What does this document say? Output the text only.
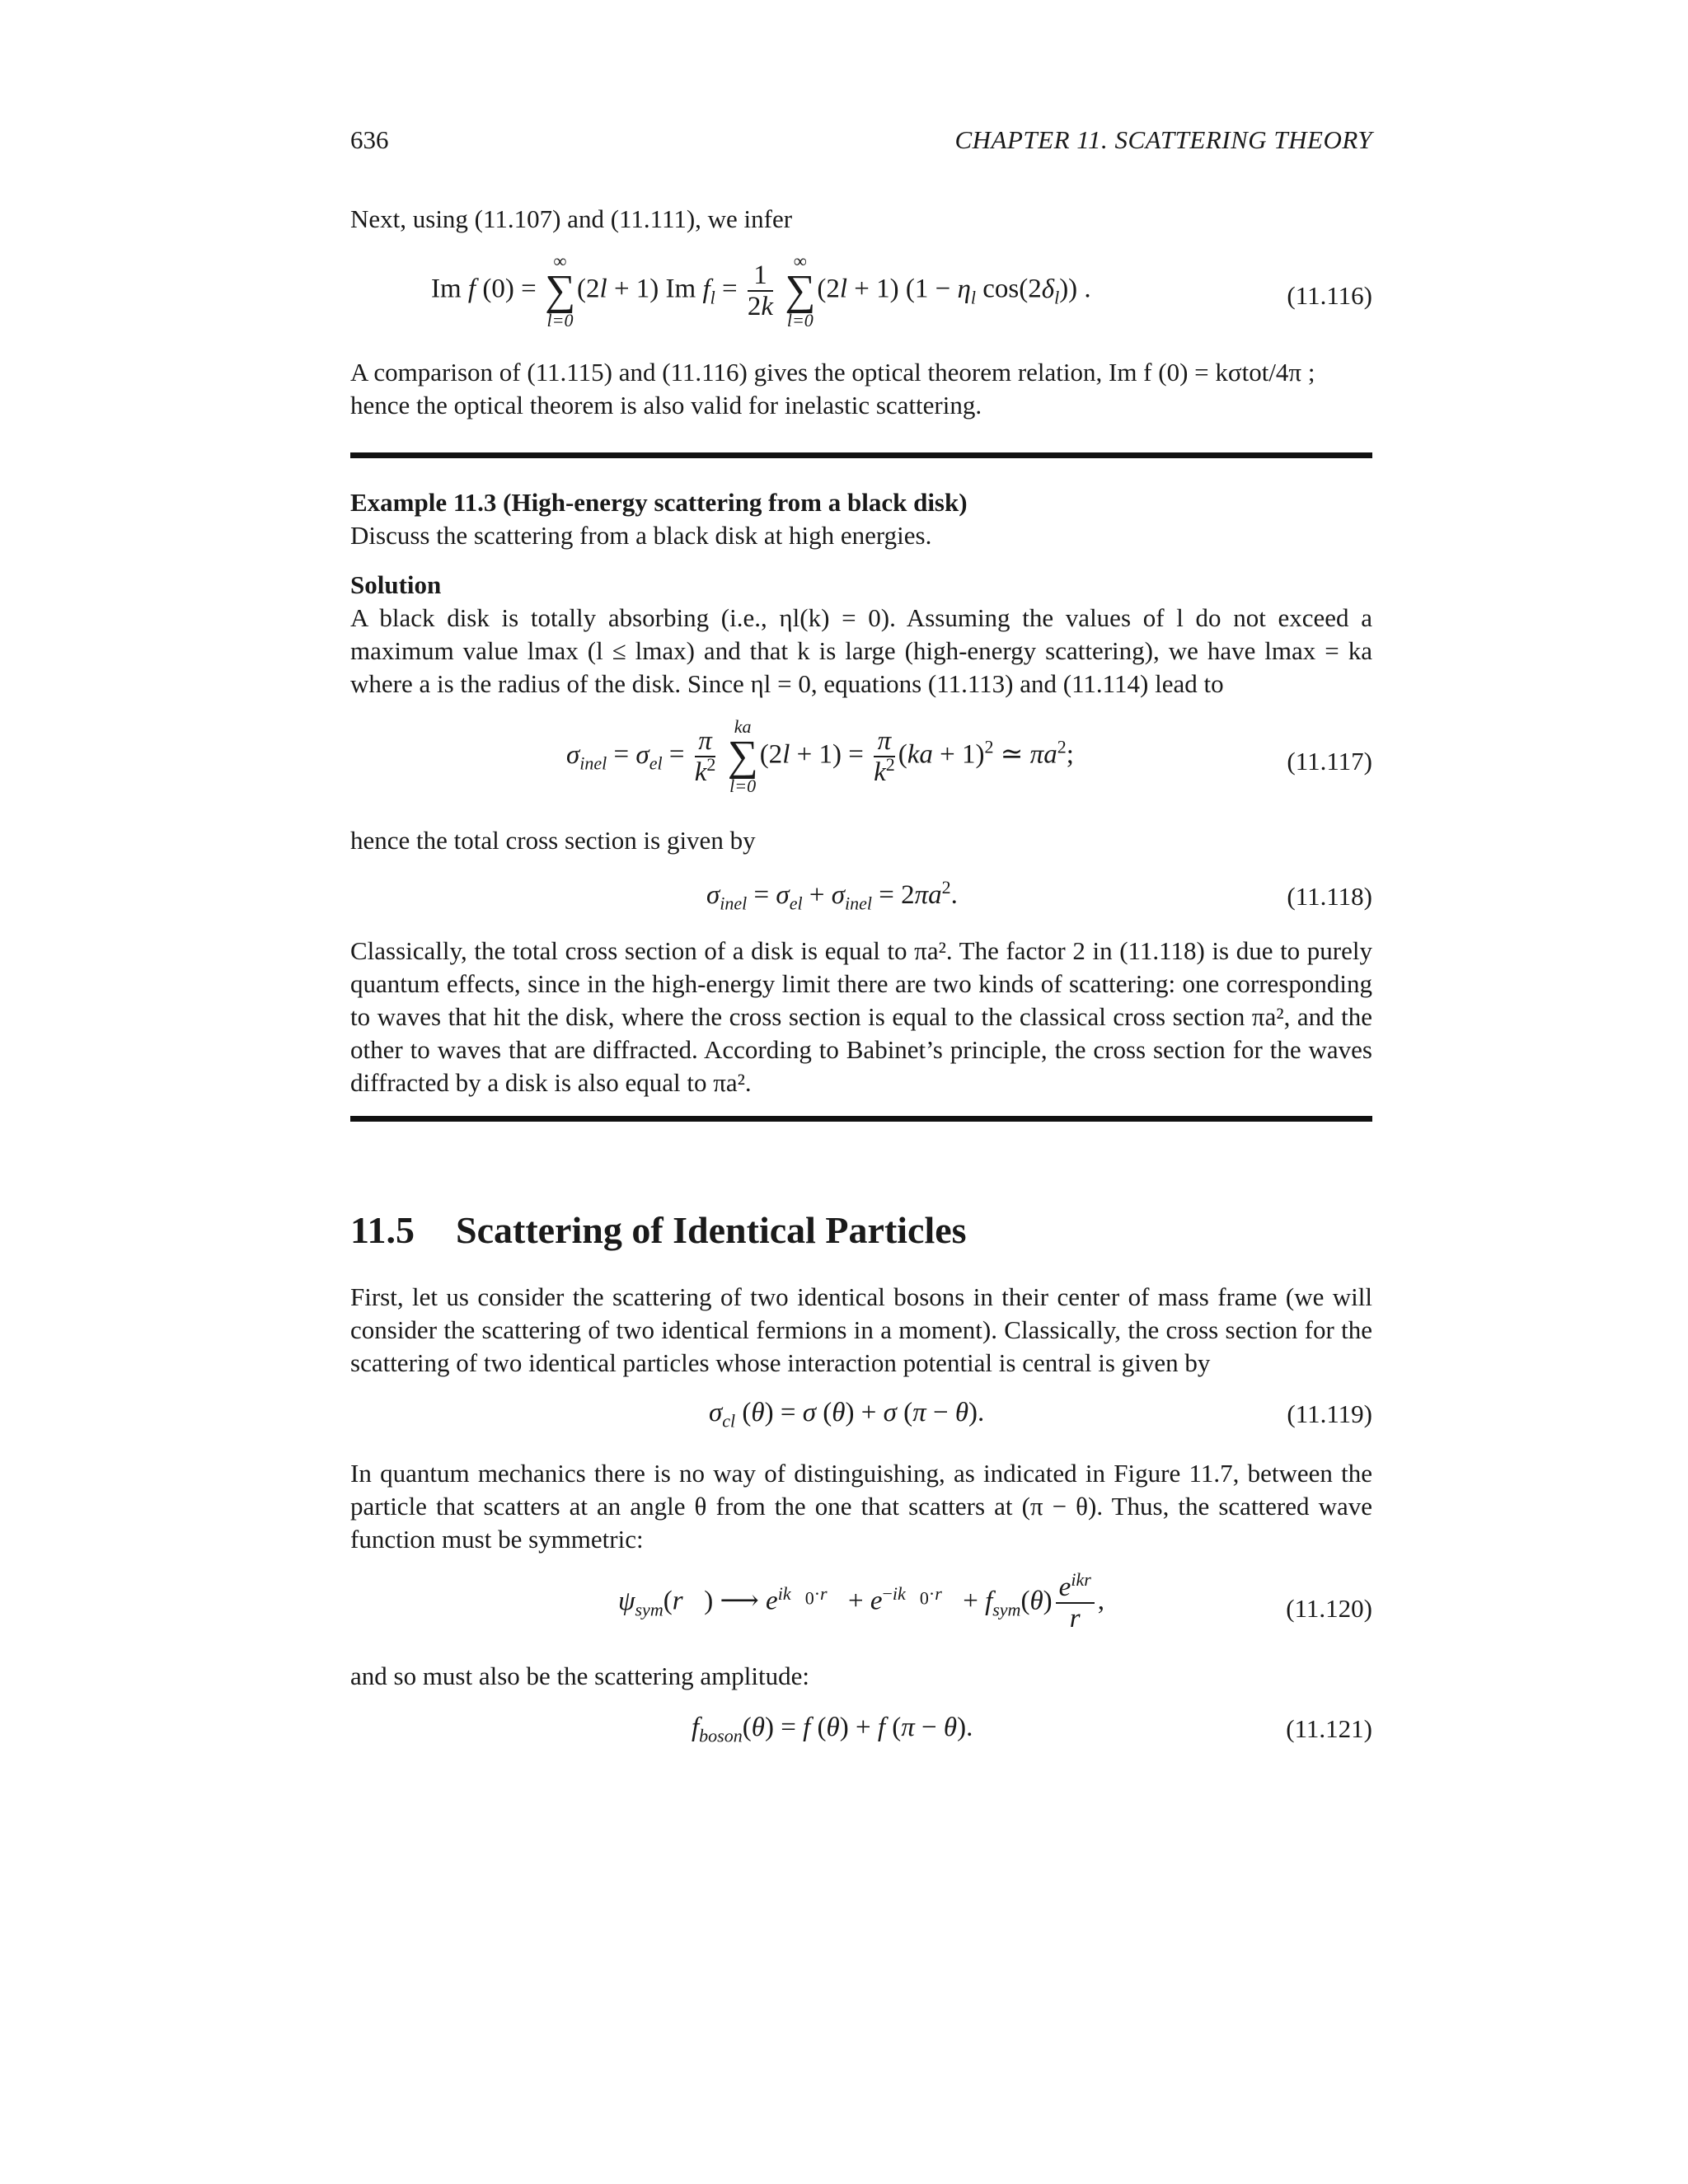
636	CHAPTER 11. SCATTERING THEORY

Next, using (11.107) and (11.111), we infer

Im f (0) =
∞
∑
l=0
(2l + 1) Im $f_l = \frac{1}{2k}$
	∞
∑
l=0
(2l + 1) ($1 - \eta_l$ $\cos(2\delta_l)$) .	(11.116)

A comparison of (11.115) and (11.116) gives the optical theorem relation, Im f (0) = kσtot/4π ;

hence the optical theorem is also valid for inelastic scattering.

Example 11.3 (High-energy scattering from a black disk)

Discuss the scattering from a black disk at high energies.

Solution

A black disk is totally absorbing (i.e., ηl(k) = 0). Assuming the values of l do not exceed a maximum value lmax (l ≤ lmax) and that k is large (high-energy scattering), we have lmax = ka where a is the radius of the disk. Since ηl = 0, equations (11.113) and (11.114) lead to

$\sigma_{inel} = \sigma_{el} = \frac{\pi}{k^2}$
	ka
∑
l=0
$(2l + 1) = \frac{\pi}{k^2} (ka + 1)^2$ ≃ $\pi a^2$;	(11.117)

hence the total cross section is given by

$\sigma_{inel} = \sigma_{el} + \sigma_{inel} = 2\pi a^2$.	(11.118)

Classically, the total cross section of a disk is equal to πa². The factor 2 in (11.118) is due to purely quantum effects, since in the high-energy limit there are two kinds of scattering: one corresponding to waves that hit the disk, where the cross section is equal to the classical cross section πa², and the other to waves that are diffracted. According to Babinet’s principle, the cross section for the waves diffracted by a disk is also equal to πa².

11.5 Scattering of Identical Particles

First, let us consider the scattering of two identical bosons in their center of mass frame (we will consider the scattering of two identical fermions in a moment). Classically, the cross section for the scattering of two identical particles whose interaction potential is central is given by

$\sigma_{cl}$ (θ) = σ (θ) + σ (π − θ).	(11.119)

In quantum mechanics there is no way of distinguishing, as indicated in Figure 11.7, between the particle that scatters at an angle θ from the one that scatters at (π − θ). Thus, the scattered wave function must be symmetric:

$\psi_{sym}(r⃗)$ ⟶ $e^{ik⃗_0\cdot r⃗} + e^{-ik⃗_0\cdot r⃗} + f_{sym}(\theta) \frac{e^{ikr}}{r}$ ,	(11.120)

and so must also be the scattering amplitude:

$f_{boson}(\theta) = f$ (θ) + f (π − θ).	(11.121)
